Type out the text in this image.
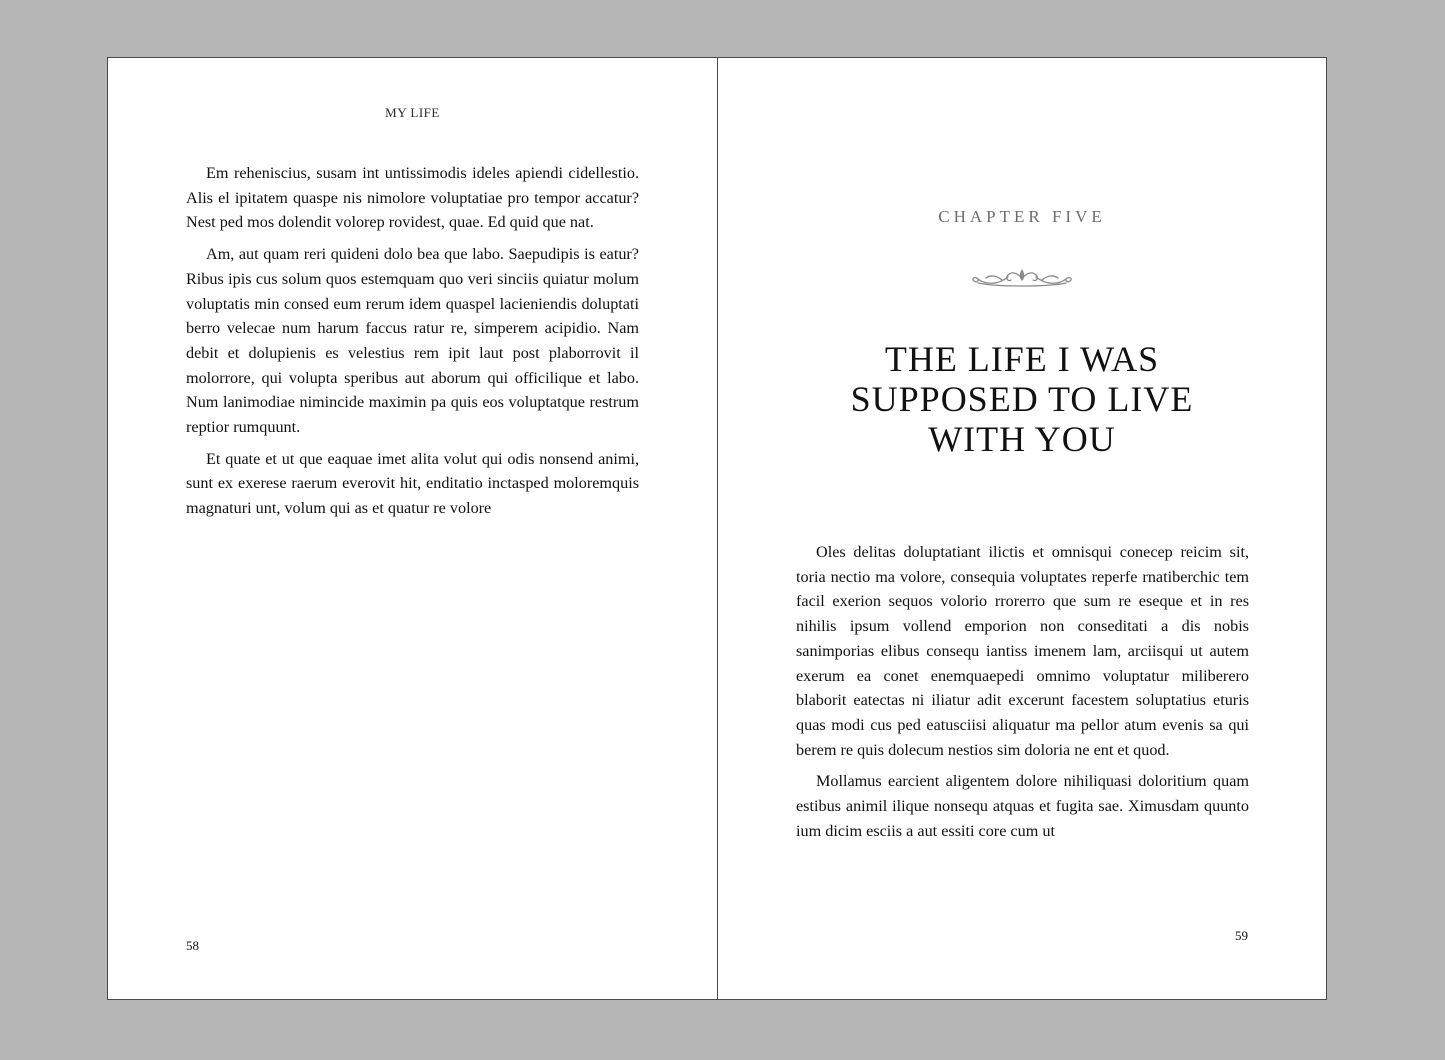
MY LIFE

Em reheniscius, susam int untissimodis ideles apiendi cidellestio. Alis el ipitatem quaspe nis nimolore voluptatiae pro tempor accatur? Nest ped mos dolendit volorep rovidest, quae. Ed quid que nat.

Am, aut quam reri quideni dolo bea que labo. Saepudipis is eatur? Ribus ipis cus solum quos estemquam quo veri sinciis quiatur molum voluptatis min consed eum rerum idem quaspel lacieniendis doluptati berro velecae num harum faccus ratur re, simperem acipidio. Nam debit et dolupienis es velestius rem ipit laut post plaborrovit il molorrore, qui volupta speribus aut aborum qui officilique et labo. Num lanimodiae nimincide maximin pa quis eos voluptatque restrum reptior rumquunt.

Et quate et ut que eaquae imet alita volut qui odis nonsend animi, sunt ex exerese raerum everovit hit, enditatio inctasped moloremquis magnaturi unt, volum qui as et quatur re volore

58
CHAPTER FIVE
THE LIFE I WAS
SUPPOSED TO LIVE
WITH YOU

Oles delitas doluptatiant ilictis et omnisqui conecep reicim sit, toria nectio ma volore, consequia voluptates reperfe rnatiberchic tem facil exerion sequos volorio rrorerro que sum re eseque et in res nihilis ipsum vollend emporion non conseditati a dis nobis sanimporias elibus consequ iantiss imenem lam, arciisqui ut autem exerum ea conet enemquaepedi omnimo voluptatur miliberero blaborit eatectas ni iliatur adit excerunt facestem soluptatius eturis quas modi cus ped eatusciisi aliquatur ma pellor atum evenis sa qui berem re quis dolecum nestios sim doloria ne ent et quod.

Mollamus earcient aligentem dolore nihiliquasi doloritium quam estibus animil ilique nonsequ atquas et fugita sae. Ximusdam quunto ium dicim esciis a aut essiti core cum ut

59
